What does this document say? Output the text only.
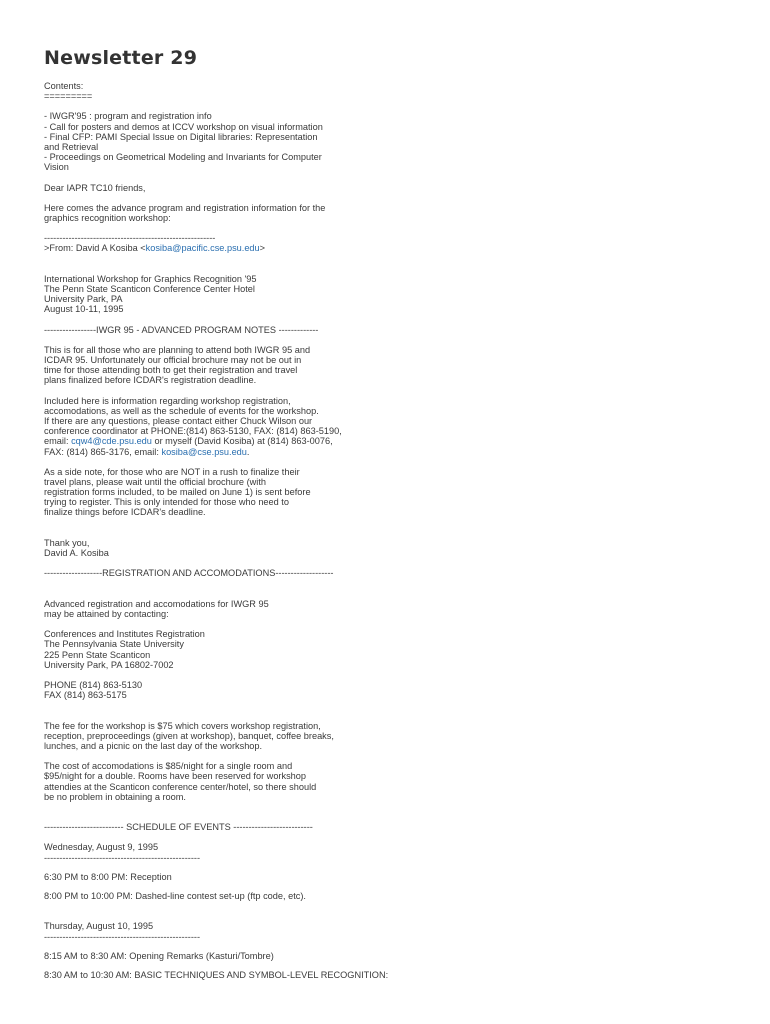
Newsletter 29

Contents:
=========

- IWGR'95 : program and registration info
- Call for posters and demos at ICCV workshop on visual information
- Final CFP: PAMI Special Issue on Digital libraries: Representation
and Retrieval
- Proceedings on Geometrical Modeling and Invariants for Computer
Vision

Dear IAPR TC10 friends,

Here comes the advance program and registration information for the
graphics recognition workshop:

--------------------------------------------------------
>From: David A Kosiba <kosiba@pacific.cse.psu.edu>

International Workshop for Graphics Recognition '95
The Penn State Scanticon Conference Center Hotel
University Park, PA
August 10-11, 1995

-----------------IWGR 95 - ADVANCED PROGRAM NOTES -------------

This is for all those who are planning to attend both IWGR 95 and
ICDAR 95. Unfortunately our official brochure may not be out in
time for those attending both to get their registration and travel
plans finalized before ICDAR's registration deadline.

Included here is information regarding workshop registration,
accomodations, as well as the schedule of events for the workshop.
If there are any questions, please contact either Chuck Wilson our
conference coordinator at PHONE:(814) 863-5130, FAX: (814) 863-5190,
email: cqw4@cde.psu.edu or myself (David Kosiba) at (814) 863-0076,
FAX: (814) 865-3176, email: kosiba@cse.psu.edu.

As a side note, for those who are NOT in a rush to finalize their
travel plans, please wait until the official brochure (with
registration forms included, to be mailed on June 1) is sent before
trying to register. This is only intended for those who need to
finalize things before ICDAR's deadline.

Thank you,
David A. Kosiba

-------------------REGISTRATION AND ACCOMODATIONS-------------------

Advanced registration and accomodations for IWGR 95
may be attained by contacting:

Conferences and Institutes Registration
The Pennsylvania State University
225 Penn State Scanticon
University Park, PA 16802-7002

PHONE (814) 863-5130
FAX (814) 863-5175

The fee for the workshop is $75 which covers workshop registration,
reception, preproceedings (given at workshop), banquet, coffee breaks,
lunches, and a picnic on the last day of the workshop.

The cost of accomodations is $85/night for a single room and
$95/night for a double. Rooms have been reserved for workshop
attendies at the Scanticon conference center/hotel, so there should
be no problem in obtaining a room.

-------------------------- SCHEDULE OF EVENTS --------------------------

Wednesday, August 9, 1995
---------------------------------------------------

6:30 PM to 8:00 PM: Reception

8:00 PM to 10:00 PM: Dashed-line contest set-up (ftp code, etc).

Thursday, August 10, 1995
---------------------------------------------------

8:15 AM to 8:30 AM: Opening Remarks (Kasturi/Tombre)

8:30 AM to 10:30 AM: BASIC TECHNIQUES AND SYMBOL-LEVEL RECOGNITION:
